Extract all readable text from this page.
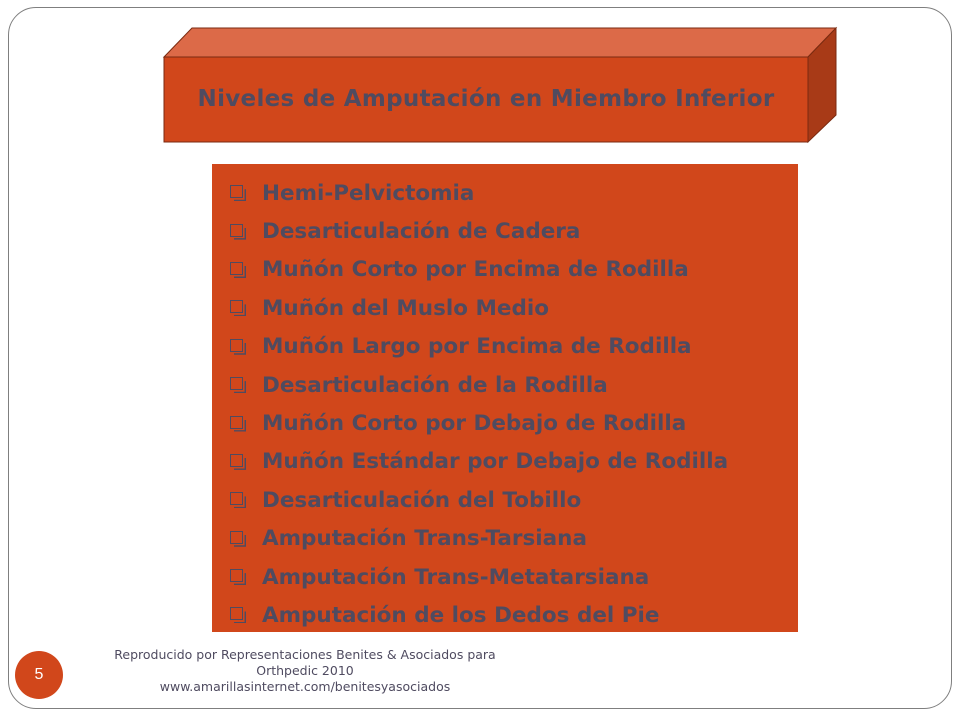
Niveles de Amputación en Miembro Inferior
Hemi-Pelvictomia
Desarticulación de Cadera
Muñón Corto por Encima de Rodilla
Muñón del Muslo Medio
Muñón Largo por Encima de Rodilla
Desarticulación de la Rodilla
Muñón Corto por Debajo de Rodilla
Muñón Estándar por Debajo de Rodilla
Desarticulación del Tobillo
Amputación Trans-Tarsiana
Amputación Trans-Metatarsiana
Amputación de los Dedos del Pie
5
Reproducido por Representaciones Benites & Asociados para
Orthpedic 2010
www.amarillasinternet.com/benitesyasociados
